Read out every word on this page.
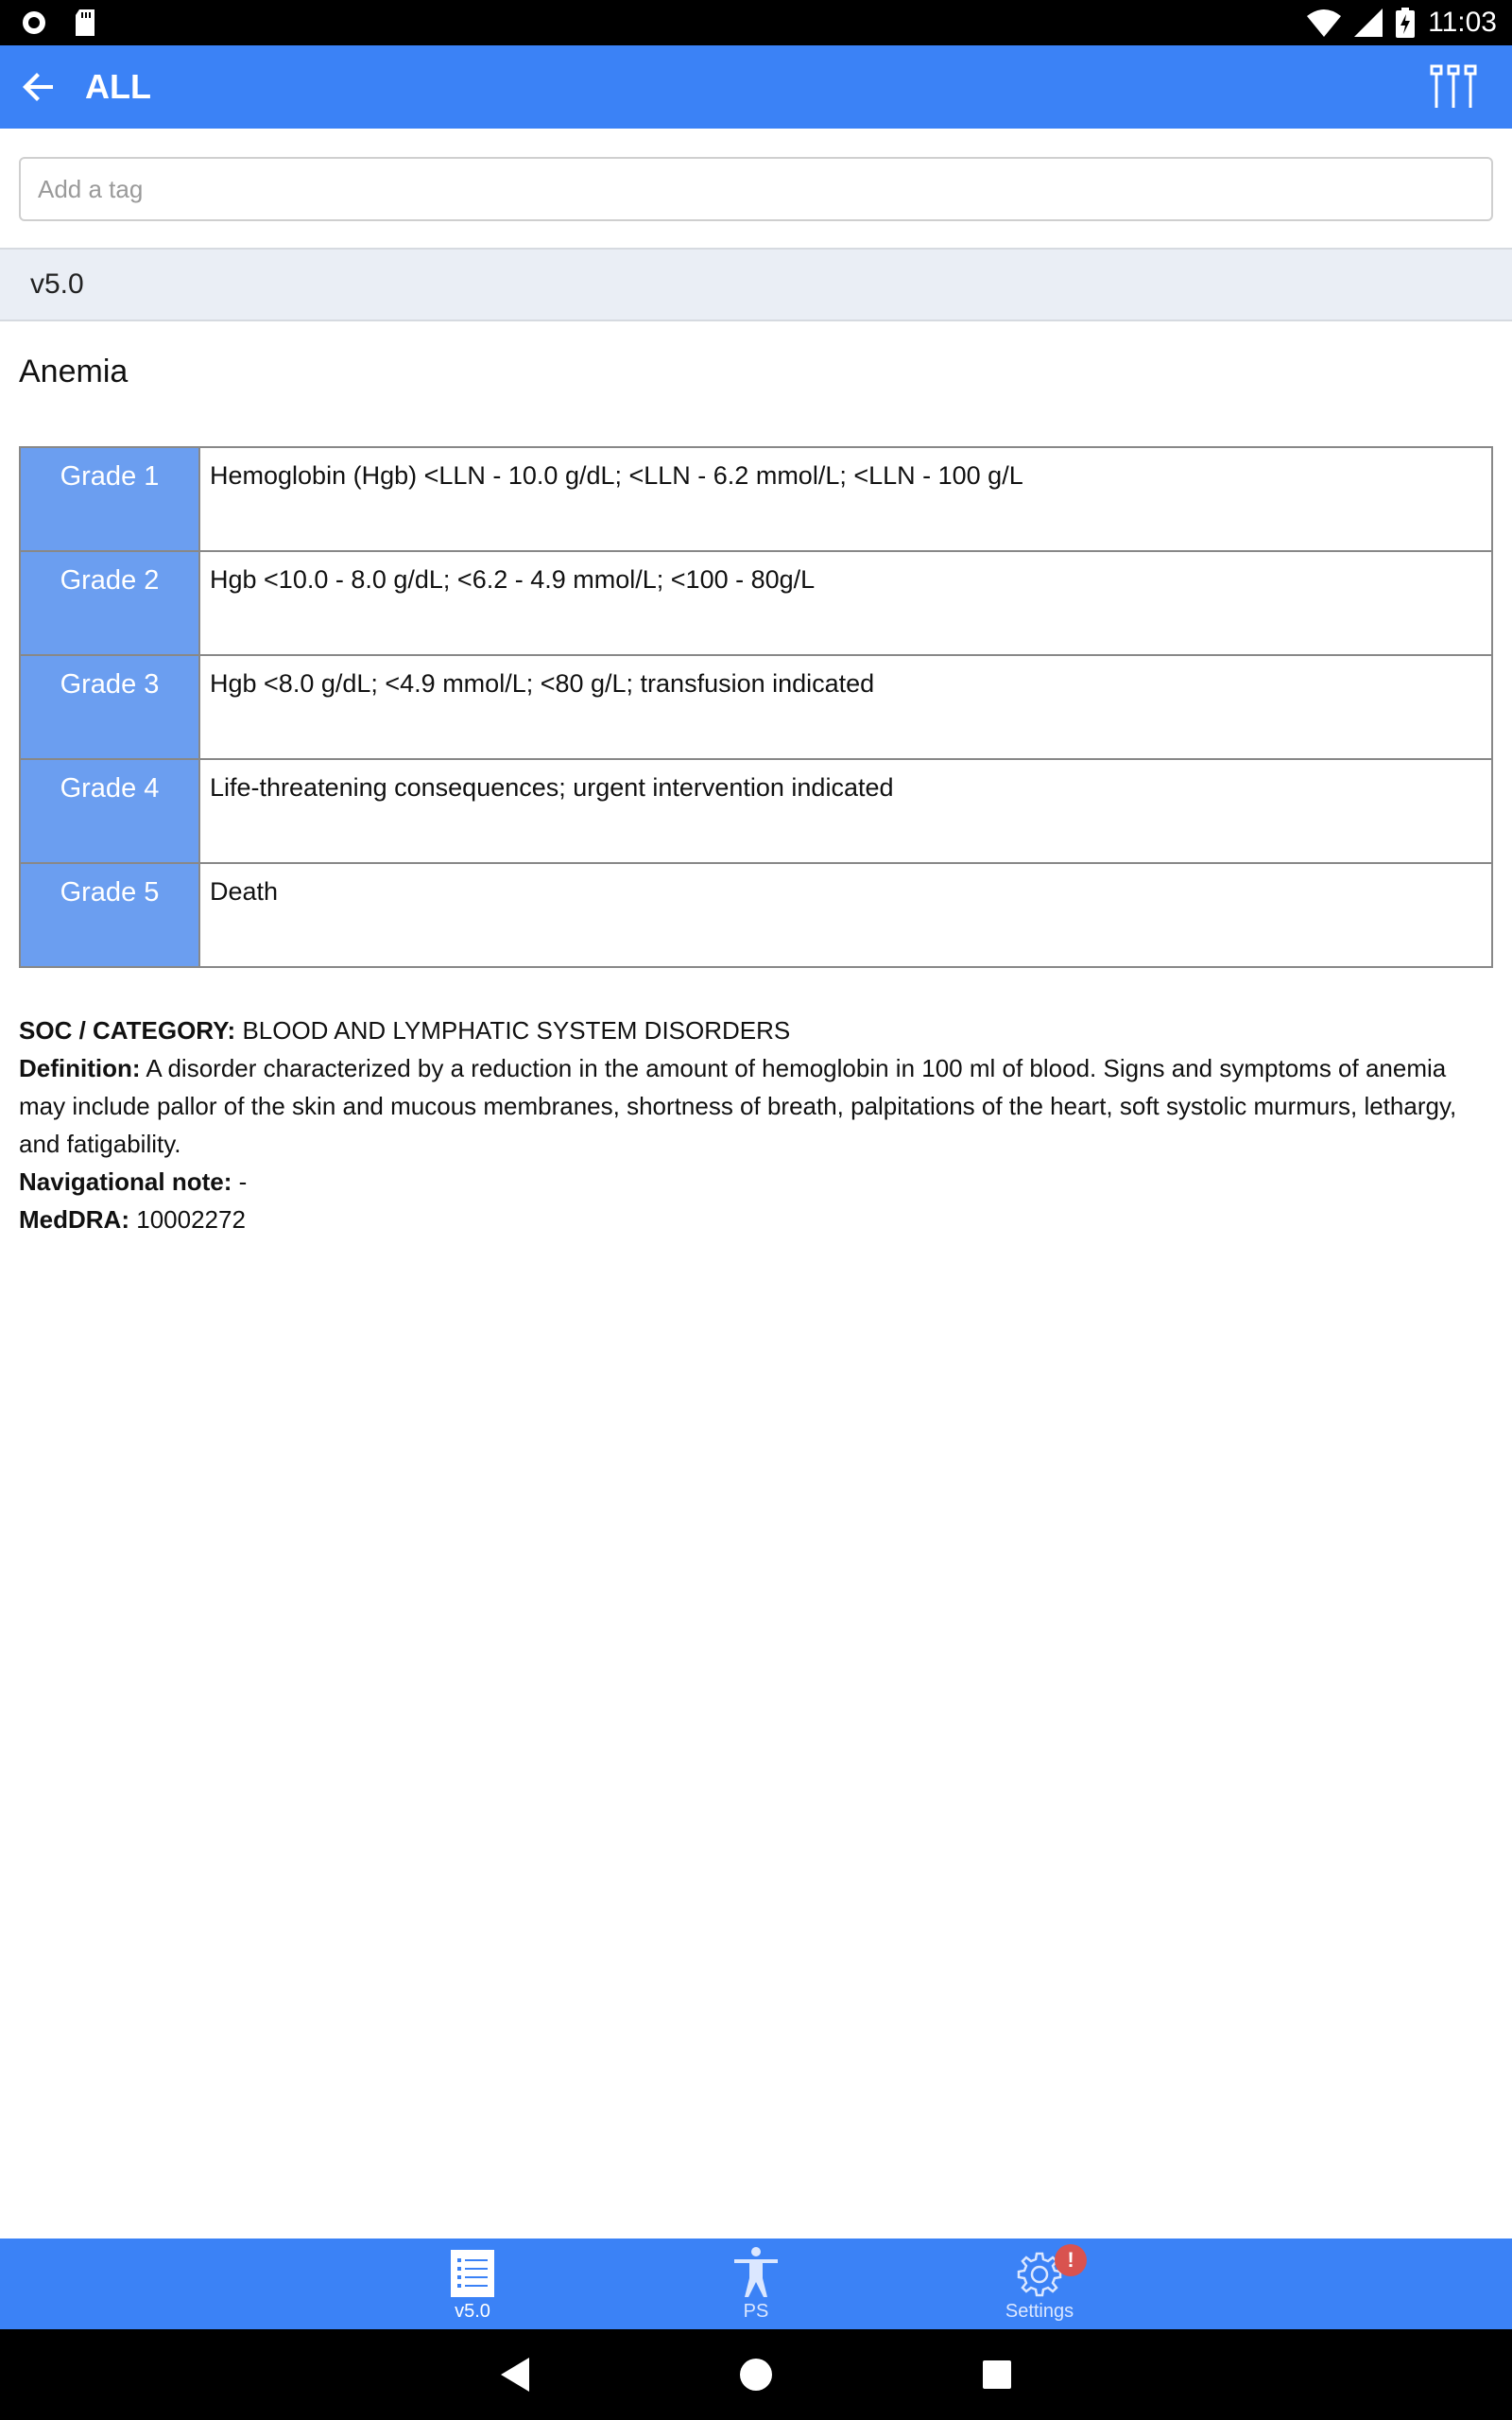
11:03
ALL
Add a tag
v5.0
Anemia
Grade 1	Hemoglobin (Hgb) <LLN - 10.0 g/dL; <LLN - 6.2 mmol/L; <LLN - 100 g/L
Grade 2	Hgb <10.0 - 8.0 g/dL; <6.2 - 4.9 mmol/L; <100 - 80g/L
Grade 3	Hgb <8.0 g/dL; <4.9 mmol/L; <80 g/L; transfusion indicated
Grade 4	Life-threatening consequences; urgent intervention indicated
Grade 5	Death
SOC / CATEGORY: BLOOD AND LYMPHATIC SYSTEM DISORDERS
Definition: A disorder characterized by a reduction in the amount of hemoglobin in 100 ml of blood. Signs and symptoms of anemia may include pallor of the skin and mucous membranes, shortness of breath, palpitations of the heart, soft systolic murmurs, lethargy, and fatigability.
Navigational note: -
MedDRA: 10002272
v5.0	PS
!
Settings
